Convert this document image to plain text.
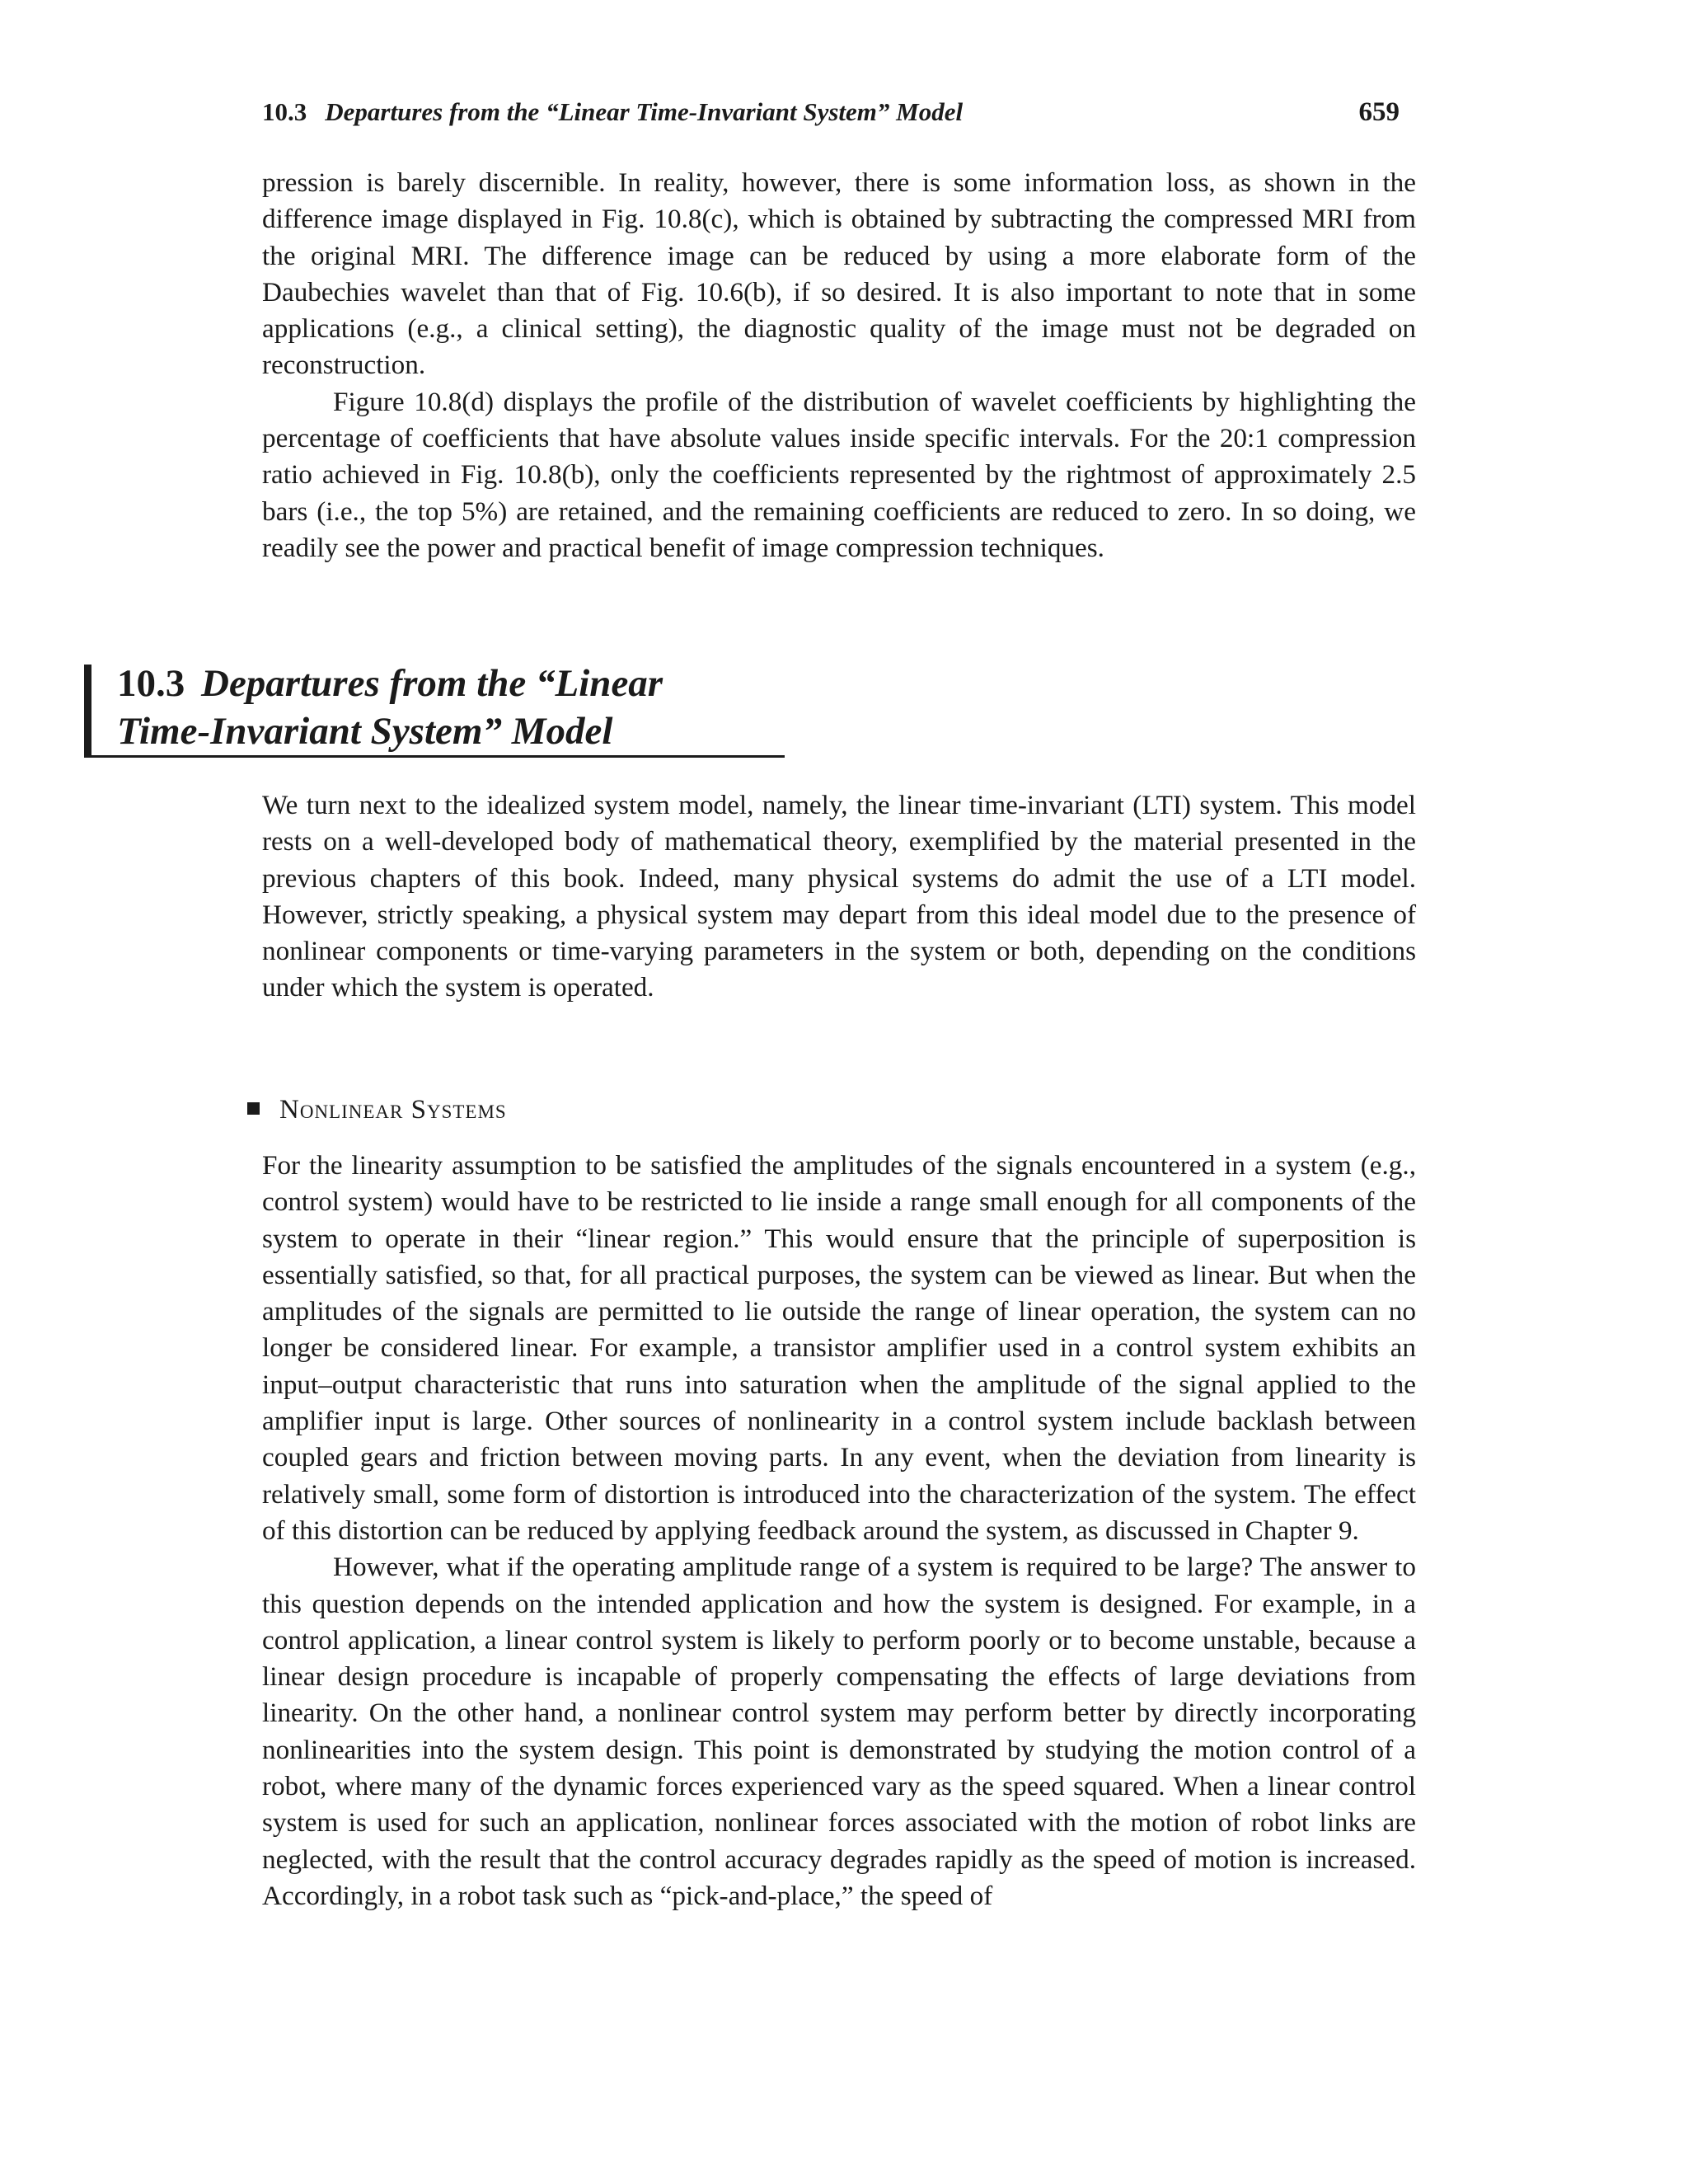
10.3 Departures from the “Linear Time-Invariant System” Model	659

pression is barely discernible. In reality, however, there is some information loss, as shown in the difference image displayed in Fig. 10.8(c), which is obtained by subtracting the compressed MRI from the original MRI. The difference image can be reduced by using a more elaborate form of the Daubechies wavelet than that of Fig. 10.6(b), if so desired. It is also important to note that in some applications (e.g., a clinical setting), the diagnostic quality of the image must not be degraded on reconstruction.

Figure 10.8(d) displays the profile of the distribution of wavelet coefficients by highlighting the percentage of coefficients that have absolute values inside specific intervals. For the 20:1 compression ratio achieved in Fig. 10.8(b), only the coefficients represented by the rightmost of approximately 2.5 bars (i.e., the top 5%) are retained, and the remaining coefficients are reduced to zero. In so doing, we readily see the power and practical benefit of image compression techniques.

10.3 Departures from the “Linear
Time-Invariant System” Model

We turn next to the idealized system model, namely, the linear time-invariant (LTI) system. This model rests on a well-developed body of mathematical theory, exemplified by the material presented in the previous chapters of this book. Indeed, many physical systems do admit the use of a LTI model. However, strictly speaking, a physical system may depart from this ideal model due to the presence of nonlinear components or time-varying parameters in the system or both, depending on the conditions under which the system is operated.

Nonlinear Systems

For the linearity assumption to be satisfied the amplitudes of the signals encountered in a system (e.g., control system) would have to be restricted to lie inside a range small enough for all components of the system to operate in their “linear region.” This would ensure that the principle of superposition is essentially satisfied, so that, for all practical purposes, the system can be viewed as linear. But when the amplitudes of the signals are permitted to lie outside the range of linear operation, the system can no longer be considered linear. For example, a transistor amplifier used in a control system exhibits an input–output characteristic that runs into saturation when the amplitude of the signal applied to the amplifier input is large. Other sources of nonlinearity in a control system include backlash between coupled gears and friction between moving parts. In any event, when the deviation from linearity is relatively small, some form of distortion is introduced into the characterization of the system. The effect of this distortion can be reduced by applying feedback around the system, as discussed in Chapter 9.

However, what if the operating amplitude range of a system is required to be large? The answer to this question depends on the intended application and how the system is designed. For example, in a control application, a linear control system is likely to perform poorly or to become unstable, because a linear design procedure is incapable of properly compensating the effects of large deviations from linearity. On the other hand, a nonlinear control system may perform better by directly incorporating nonlinearities into the system design. This point is demonstrated by studying the motion control of a robot, where many of the dynamic forces experienced vary as the speed squared. When a linear control system is used for such an application, nonlinear forces associated with the motion of robot links are neglected, with the result that the control accuracy degrades rapidly as the speed of motion is increased. Accordingly, in a robot task such as “pick-and-place,” the speed of
